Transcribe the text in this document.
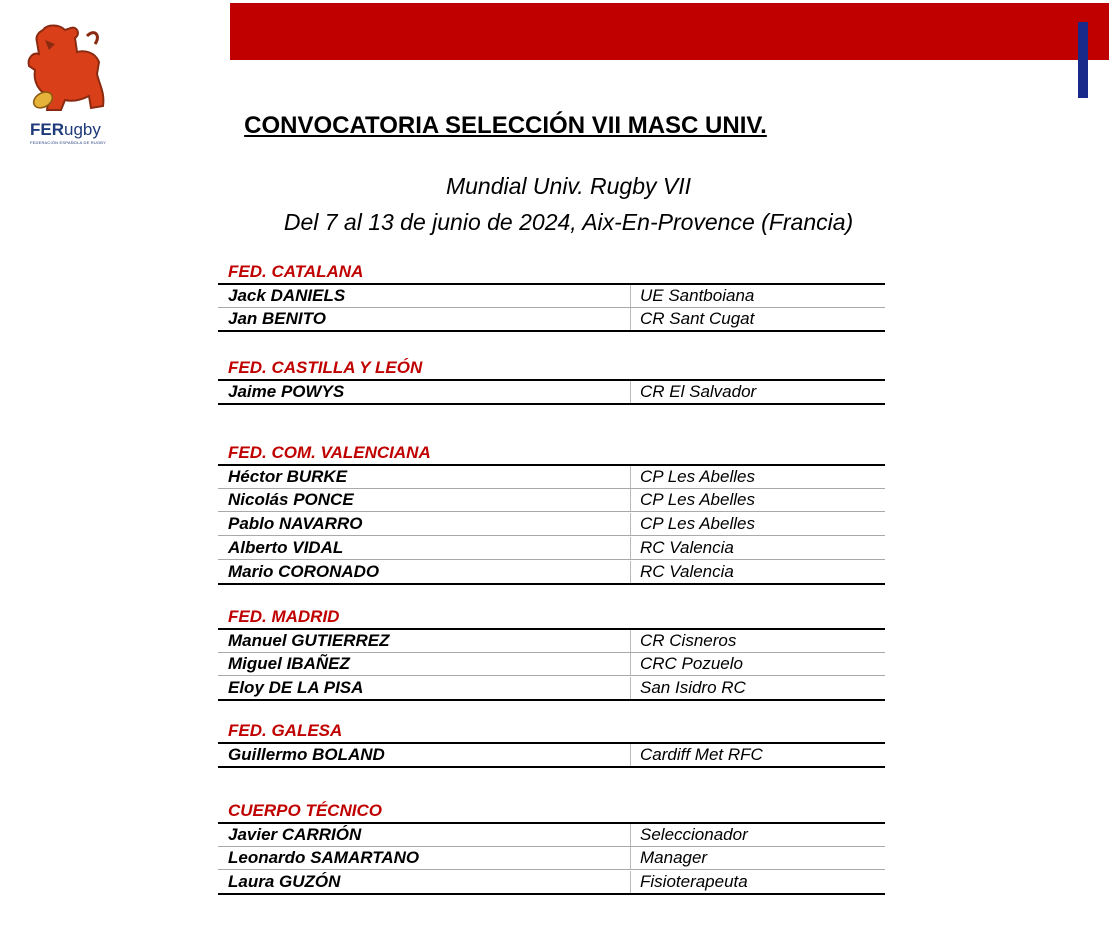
FERugby
FEDERACIÓN ESPAÑOLA DE RUGBY
CONVOCATORIA SELECCIÓN VII MASC UNIV.
Mundial Univ. Rugby VII
Del 7 al 13 de junio de 2024, Aix-En-Provence (Francia)
FED. CATALANA
Jack DANIELS	UE Santboiana
Jan BENITO	CR Sant Cugat
FED. CASTILLA Y LEÓN
Jaime POWYS	CR El Salvador
FED. COM. VALENCIANA
Héctor BURKE	CP Les Abelles
Nicolás PONCE	CP Les Abelles
Pablo NAVARRO	CP Les Abelles
Alberto VIDAL	RC Valencia
Mario CORONADO	RC Valencia
FED. MADRID
Manuel GUTIERREZ	CR Cisneros
Miguel IBAÑEZ	CRC Pozuelo
Eloy DE LA PISA	San Isidro RC
FED. GALESA
Guillermo BOLAND	Cardiff Met RFC
CUERPO TÉCNICO
Javier CARRIÓN	Seleccionador
Leonardo SAMARTANO	Manager
Laura GUZÓN	Fisioterapeuta
